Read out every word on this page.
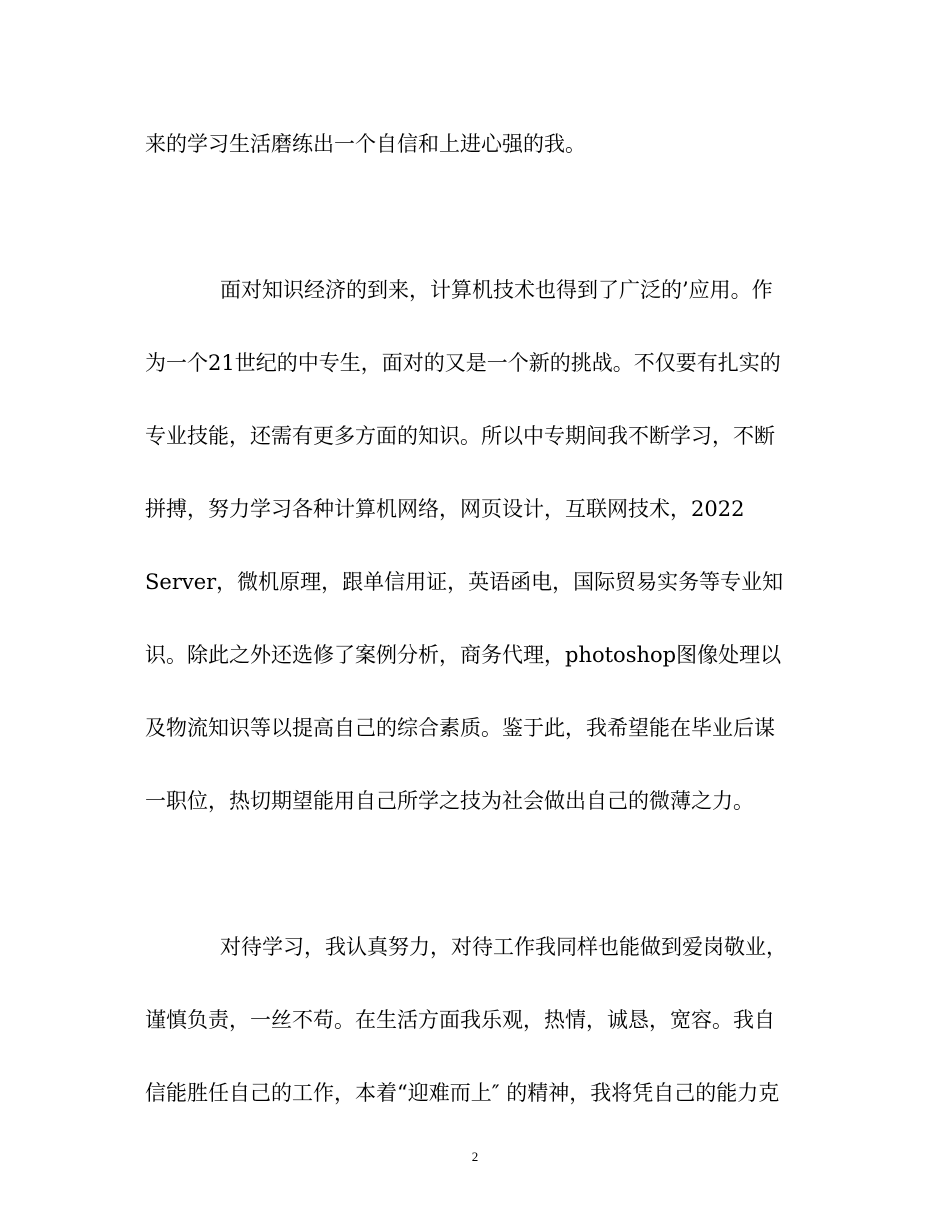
来的学习生活磨练出一个自信和上进心强的我。

面对知识经济的到来，计算机技术也得到了广泛的’应用。作

为一个21世纪的中专生，面对的又是一个新的挑战。不仅要有扎实的

专业技能，还需有更多方面的知识。所以中专期间我不断学习，不断

拼搏，努力学习各种计算机网络，网页设计，互联网技术，2022

Server，微机原理，跟单信用证，英语函电，国际贸易实务等专业知

识。除此之外还选修了案例分析，商务代理，photoshop图像处理以

及物流知识等以提高自己的综合素质。鉴于此，我希望能在毕业后谋

一职位，热切期望能用自己所学之技为社会做出自己的微薄之力。

对待学习，我认真努力，对待工作我同样也能做到爱岗敬业，

谨慎负责，一丝不苟。在生活方面我乐观，热情，诚恳，宽容。我自

信能胜任自己的工作，本着“迎难而上″ 的精神，我将凭自己的能力克

2
